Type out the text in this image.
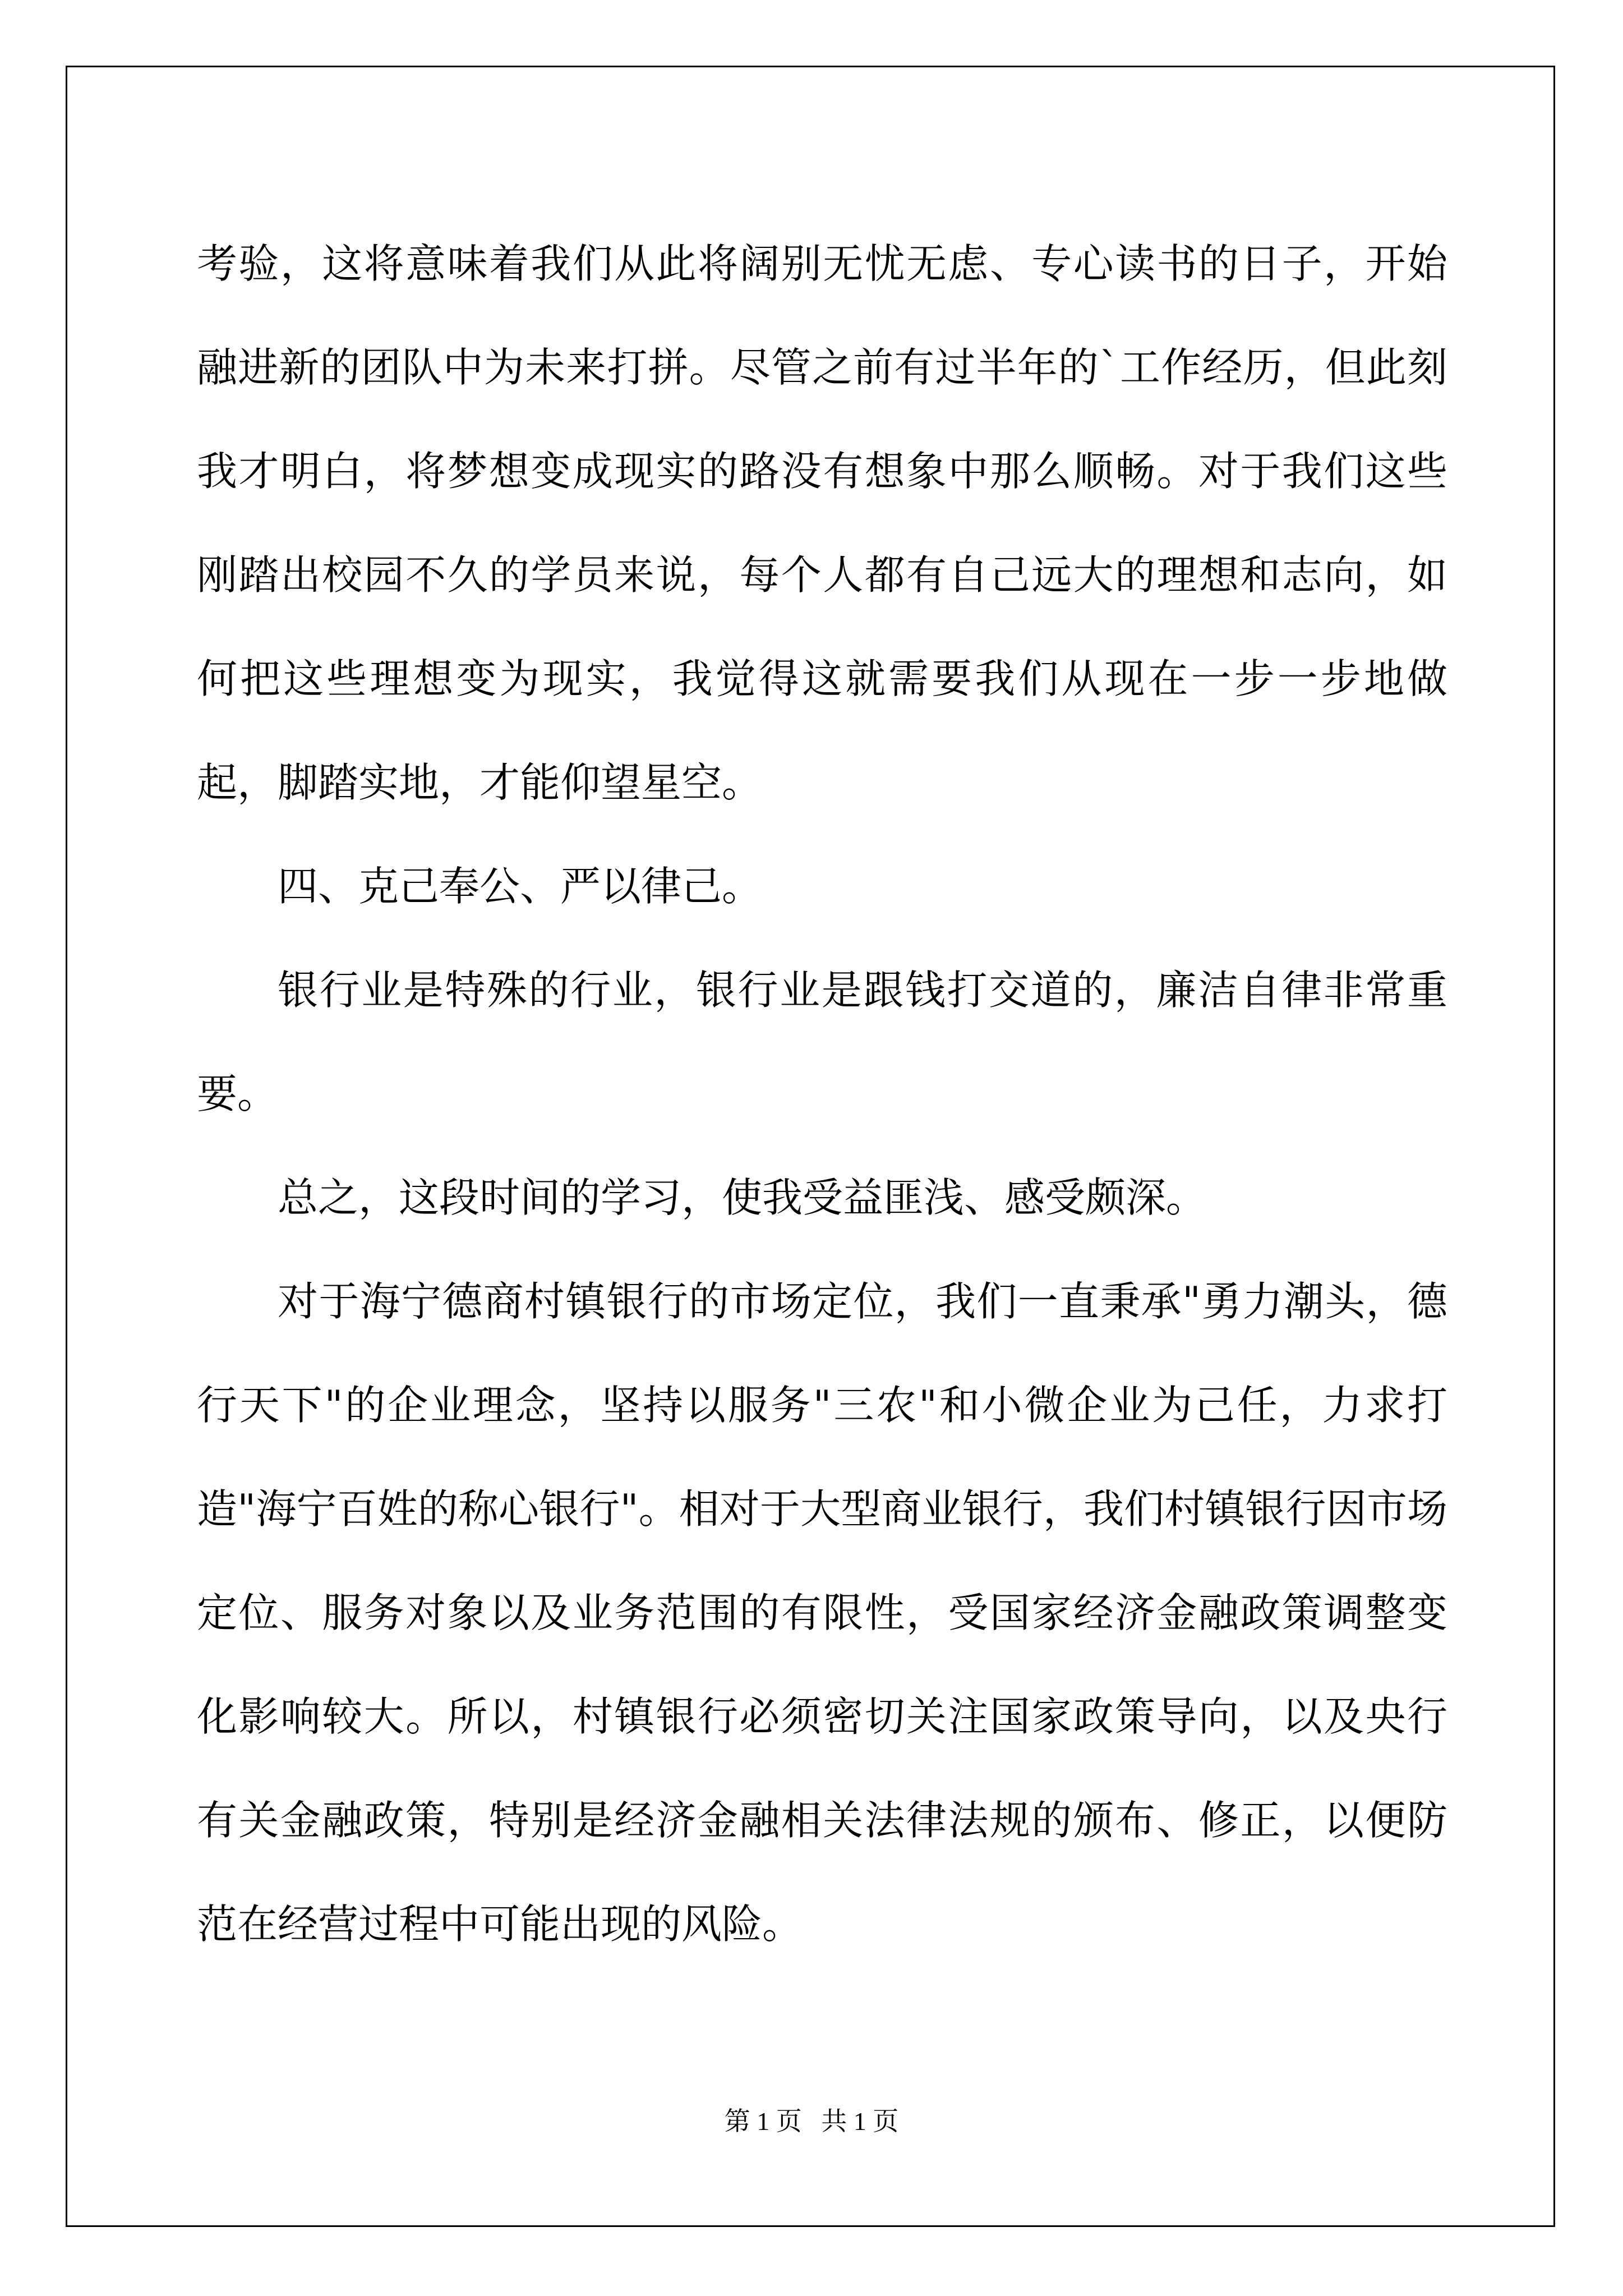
考验，这将意味着我们从此将阔别无忧无虑、专心读书的日子，开始融进新的团队中为未来打拼。尽管之前有过半年的`工作经历，但此刻我才明白，将梦想变成现实的路没有想象中那么顺畅。对于我们这些刚踏出校园不久的学员来说，每个人都有自己远大的理想和志向，如何把这些理想变为现实，我觉得这就需要我们从现在一步一步地做起，脚踏实地，才能仰望星空。

四、克己奉公、严以律己。

银行业是特殊的行业，银行业是跟钱打交道的，廉洁自律非常重要。

总之，这段时间的学习，使我受益匪浅、感受颇深。

对于海宁德商村镇银行的市场定位，我们一直秉承"勇力潮头，德行天下"的企业理念，坚持以服务"三农"和小微企业为己任，力求打造"海宁百姓的称心银行"。相对于大型商业银行，我们村镇银行因市场定位、服务对象以及业务范围的有限性，受国家经济金融政策调整变化影响较大。所以，村镇银行必须密切关注国家政策导向，以及央行有关金融政策，特别是经济金融相关法律法规的颁布、修正，以便防范在经营过程中可能出现的风险。

第 1 页   共 1 页
